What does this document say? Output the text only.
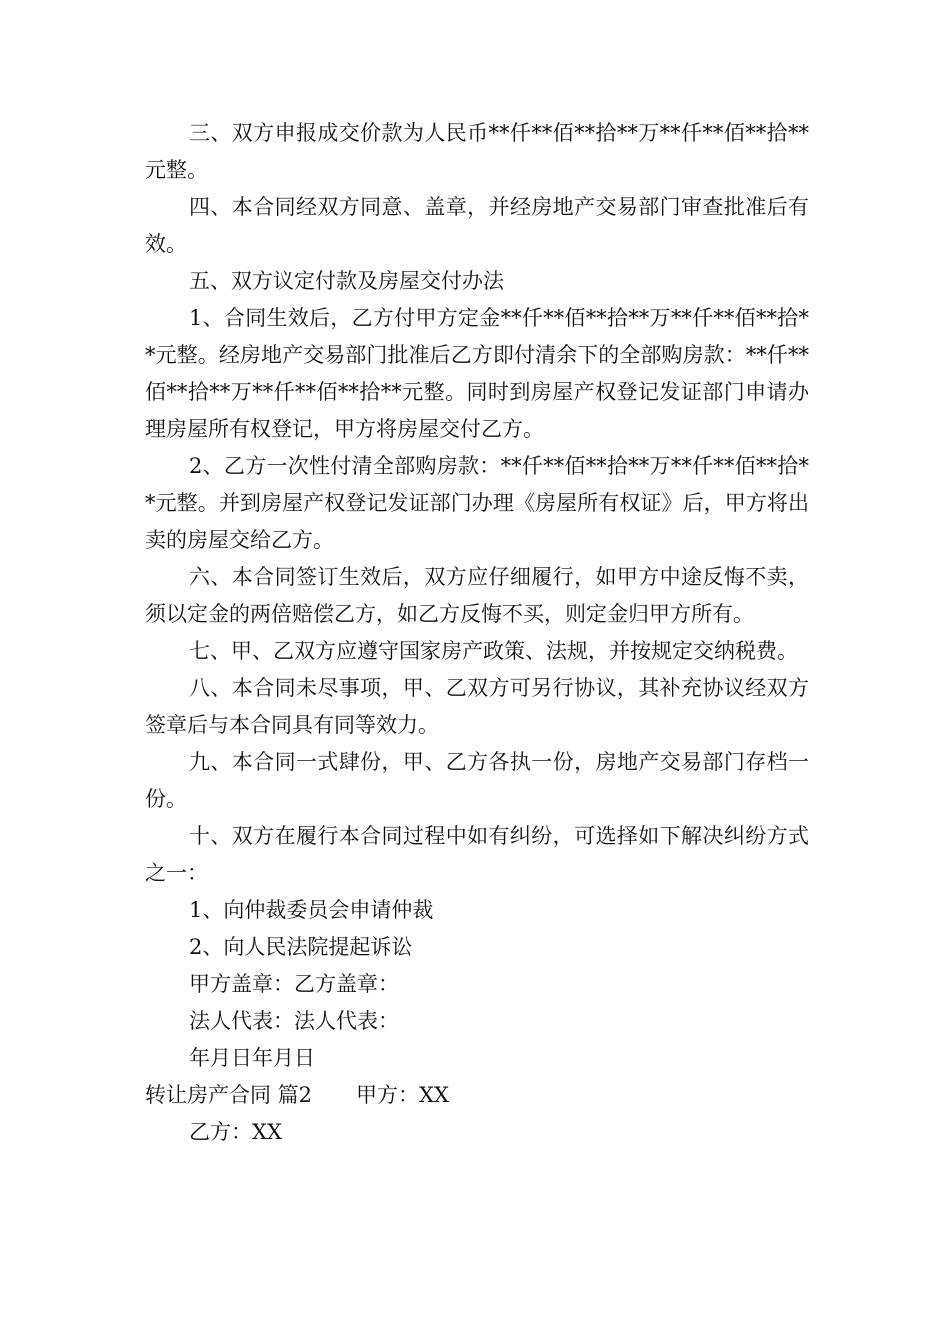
三、双方申报成交价款为人民币**仟**佰**拾**万**仟**佰**拾**元整。

四、本合同经双方同意、盖章，并经房地产交易部门审查批准后有效。

五、双方议定付款及房屋交付办法

1、合同生效后，乙方付甲方定金**仟**佰**拾**万**仟**佰**拾**元整。经房地产交易部门批准后乙方即付清余下的全部购房款：**仟**佰**拾**万**仟**佰**拾**元整。同时到房屋产权登记发证部门申请办理房屋所有权登记，甲方将房屋交付乙方。

2、乙方一次性付清全部购房款：**仟**佰**拾**万**仟**佰**拾**元整。并到房屋产权登记发证部门办理《房屋所有权证》后，甲方将出卖的房屋交给乙方。

六、本合同签订生效后，双方应仔细履行，如甲方中途反悔不卖，须以定金的两倍赔偿乙方，如乙方反悔不买，则定金归甲方所有。

七、甲、乙双方应遵守国家房产政策、法规，并按规定交纳税费。

八、本合同未尽事项，甲、乙双方可另行协议，其补充协议经双方签章后与本合同具有同等效力。

九、本合同一式肆份，甲、乙方各执一份，房地产交易部门存档一份。

十、双方在履行本合同过程中如有纠纷，可选择如下解决纠纷方式之一：

1、向仲裁委员会申请仲裁

2、向人民法院提起诉讼

甲方盖章：乙方盖章：

法人代表：法人代表：

年月日年月日

转让房产合同 篇2 甲方：XX

乙方：XX
